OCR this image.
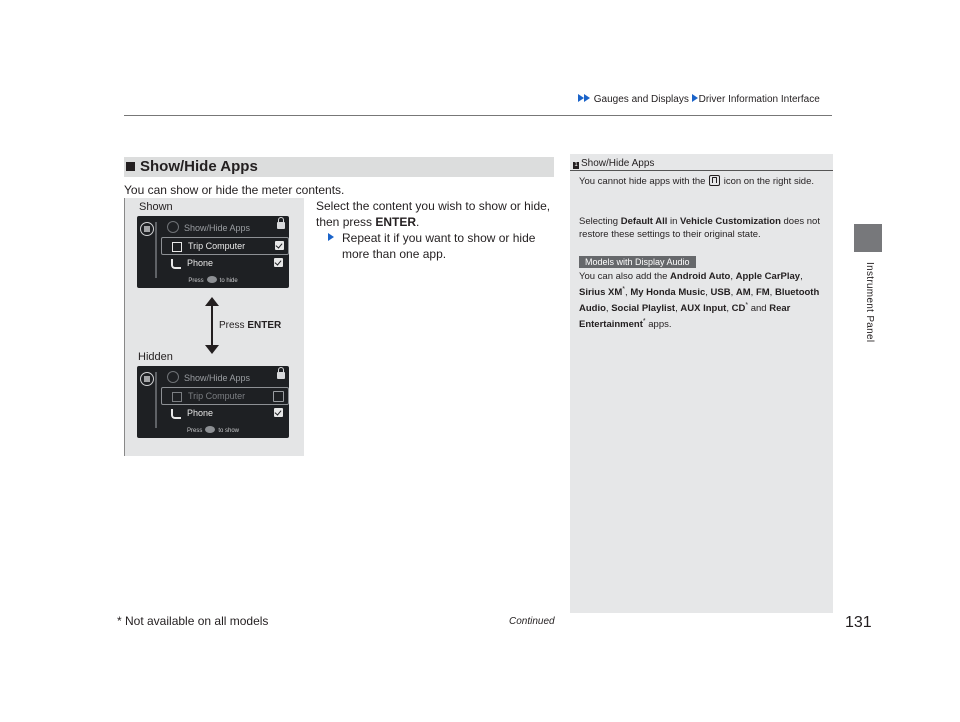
Gauges and Displays Driver Information Interface
Instrument Panel
Show/Hide Apps
You can show or hide the meter contents.
Select the content you wish to show or hide, then press ENTER.
Repeat it if you want to show or hide more than one app.
Shown
Show/Hide Apps
Trip Computer
Phone
Press	to hide
Press ENTER
Hidden
Show/Hide Apps
Trip Computer
Phone
Press	to show
1 Show/Hide Apps
You cannot hide apps with the icon on the right side.
Selecting Default All in Vehicle Customization does not restore these settings to their original state.
Models with Display Audio
You can also add the Android Auto, Apple CarPlay, Sirius XM*, My Honda Music, USB, AM, FM, Bluetooth Audio, Social Playlist, AUX Input, CD* and Rear Entertainment* apps.
* Not available on all models	Continued	131
